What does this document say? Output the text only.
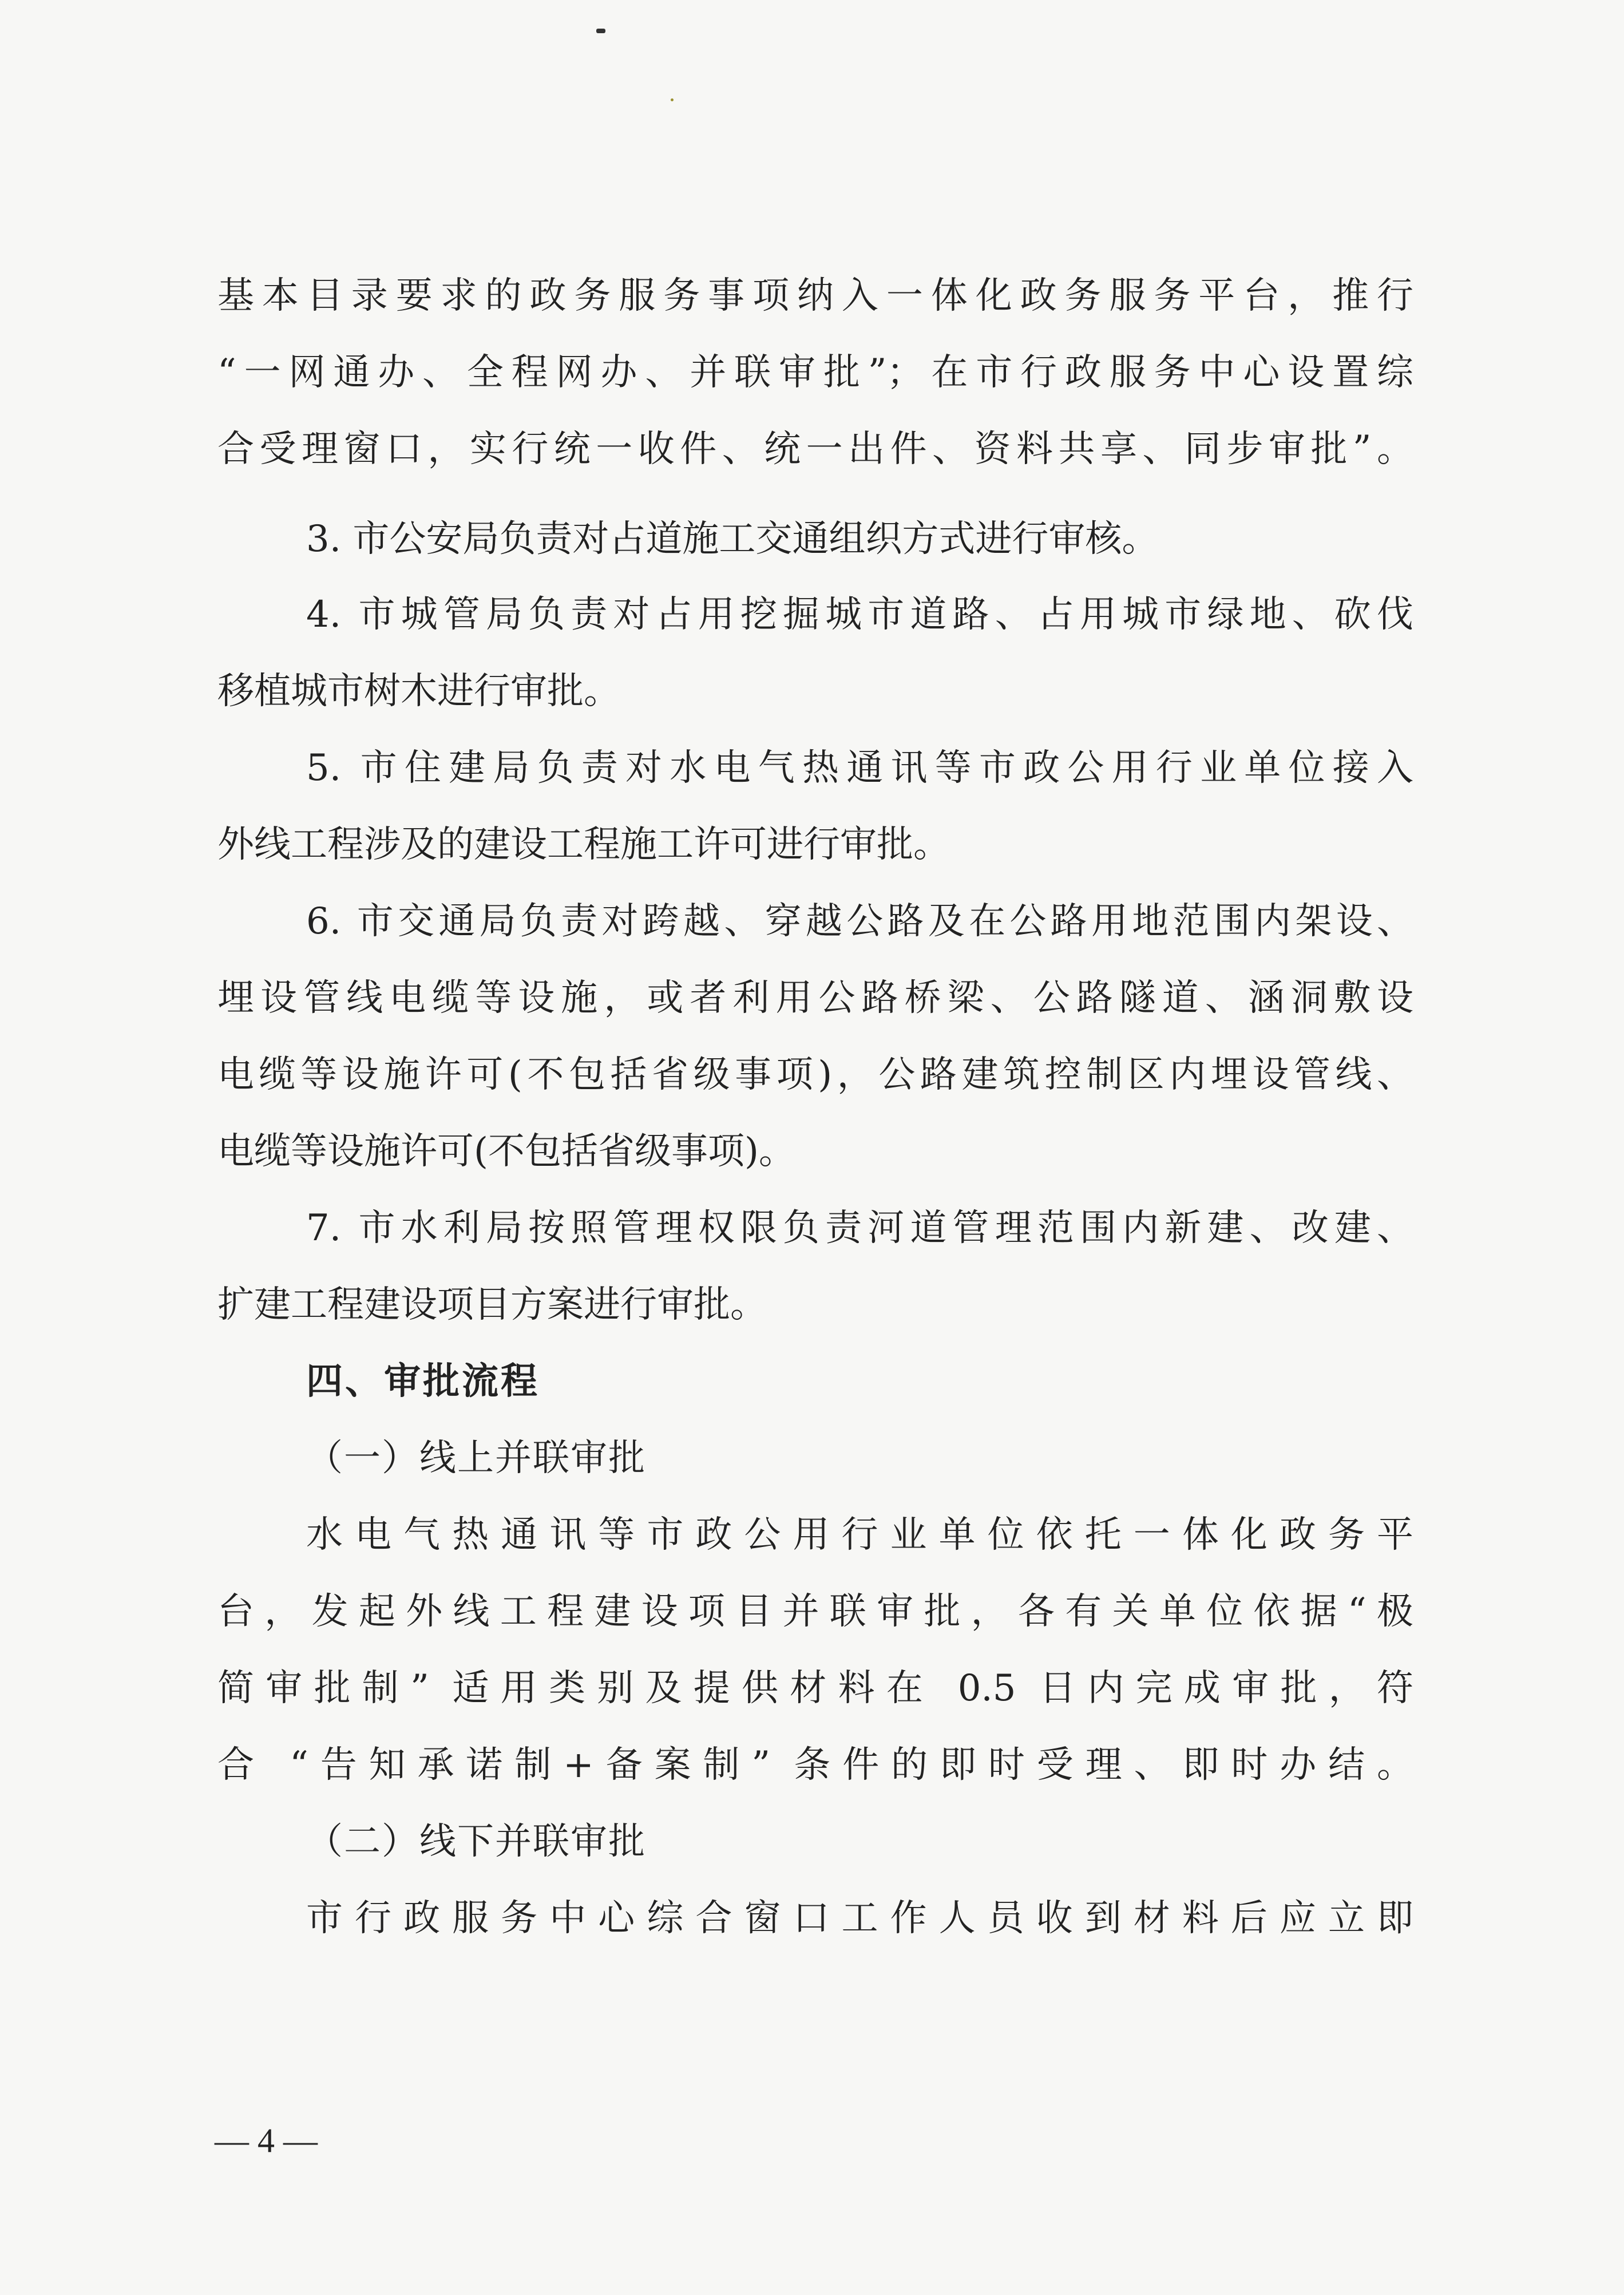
基本目录要求的政务服务事项纳入一体化政务服务平台，推行
“一网通办、全程网办、并联审批”；在市行政服务中心设置综
合受理窗口，实行统一收件、统一出件、资料共享、同步审批”。
3. 市公安局负责对占道施工交通组织方式进行审核。
4. 市城管局负责对占用挖掘城市道路、占用城市绿地、砍伐
移植城市树木进行审批。
5. 市住建局负责对水电气热通讯等市政公用行业单位接入
外线工程涉及的建设工程施工许可进行审批。
6. 市交通局负责对跨越、穿越公路及在公路用地范围内架设、
埋设管线电缆等设施，或者利用公路桥梁、公路隧道、涵洞敷设
电缆等设施许可(不包括省级事项)，公路建筑控制区内埋设管线、
电缆等设施许可(不包括省级事项)。
7. 市水利局按照管理权限负责河道管理范围内新建、改建、
扩建工程建设项目方案进行审批。
四、审批流程
（一）线上并联审批
水电气热通讯等市政公用行业单位依托一体化政务平
台，发起外线工程建设项目并联审批，各有关单位依据“极
简审批制” 适用类别及提供材料在 0.5 日内完成审批，符
合 “告知承诺制+备案制” 条件的即时受理、即时办结。
（二）线下并联审批
市行政服务中心综合窗口工作人员收到材料后应立即
— 4 —
